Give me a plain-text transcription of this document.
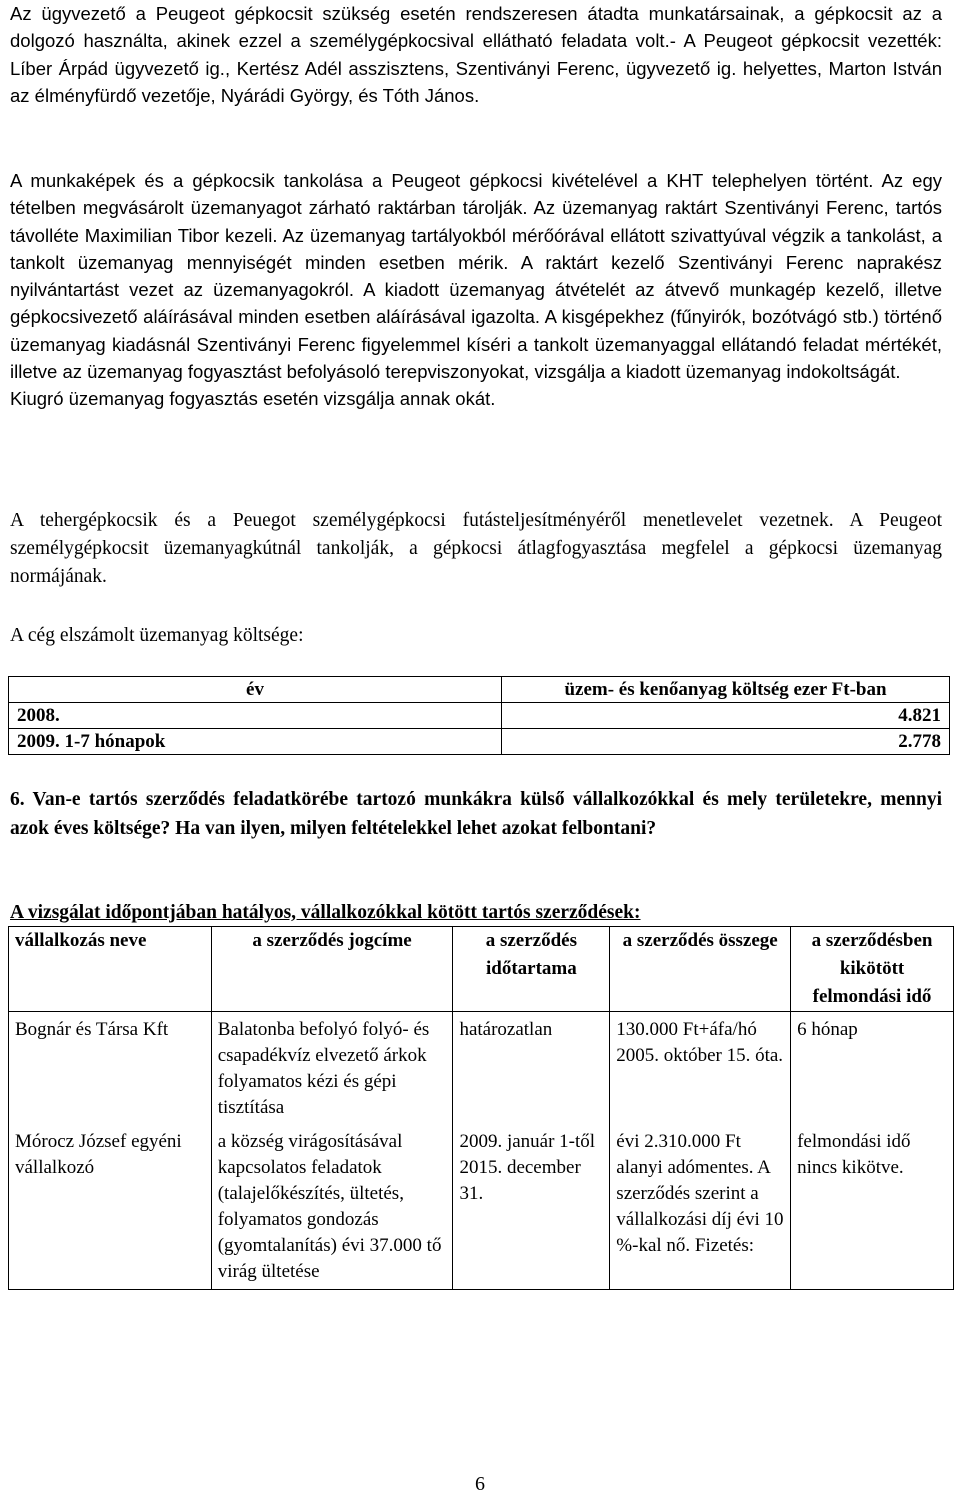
Az ügyvezető a Peugeot gépkocsit szükség esetén rendszeresen átadta munkatársainak, a gépkocsit az a dolgozó használta, akinek ezzel a személygépkocsival ellátható feladata volt.- A Peugeot gépkocsit vezették: Líber Árpád ügyvezető ig., Kertész Adél asszisztens, Szentiványi Ferenc, ügyvezető ig. helyettes, Marton István az élményfürdő vezetője, Nyárádi György, és Tóth János.
A munkaképek és a gépkocsik tankolása a Peugeot gépkocsi kivételével a KHT telephelyen történt. Az egy tételben megvásárolt üzemanyagot zárható raktárban tárolják. Az üzemanyag raktárt Szentiványi Ferenc, tartós távolléte Maximilian Tibor kezeli. Az üzemanyag tartályokból mérőórával ellátott szivattyúval végzik a tankolást, a tankolt üzemanyag mennyiségét minden esetben mérik. A raktárt kezelő Szentiványi Ferenc naprakész nyilvántartást vezet az üzemanyagokról. A kiadott üzemanyag átvételét az átvevő munkagép kezelő, illetve gépkocsivezető aláírásával minden esetben aláírásával igazolta. A kisgépekhez (fűnyirók, bozótvágó stb.) történő üzemanyag kiadásnál Szentiványi Ferenc figyelemmel kíséri a tankolt üzemanyaggal ellátandó feladat mértékét, illetve az üzemanyag fogyasztást befolyásoló terepviszonyokat, vizsgálja a kiadott üzemanyag indokoltságát.
Kiugró üzemanyag fogyasztás esetén vizsgálja annak okát.
A tehergépkocsik és a Peuegot személygépkocsi futásteljesítményéről menetlevelet vezetnek. A Peugeot személygépkocsit üzemanyagkútnál tankolják, a gépkocsi átlagfogyasztása megfelel a gépkocsi üzemanyag normájának.
A cég elszámolt üzemanyag költsége:
év	üzem- és kenőanyag költség ezer Ft-ban
2008.	4.821
2009. 1-7 hónapok	2.778
6. Van-e tartós szerződés feladatkörébe tartozó munkákra külső vállalkozókkal és mely területekre, mennyi azok éves költsége? Ha van ilyen, milyen feltételekkel lehet azokat felbontani?
A vizsgálat időpontjában hatályos, vállalkozókkal kötött tartós szerződések:
vállalkozás neve	a szerződés jogcíme	a szerződés időtartama	a szerződés összege	a szerződésben kikötött felmondási idő
Bognár és Társa Kft	Balatonba befolyó folyó- és csapadékvíz elvezető árkok folyamatos kézi és gépi tisztítása	határozatlan	130.000 Ft+áfa/hó 2005. október 15. óta.	6 hónap
Mórocz József egyéni vállalkozó	a község virágosításával kapcsolatos feladatok (talajelőkészítés, ültetés, folyamatos gondozás (gyomtalanítás) évi 37.000 tő virág ültetése	2009. január 1-től 2015. december 31.	évi 2.310.000 Ft alanyi adómentes. A szerződés szerint a vállalkozási díj évi 10 %-kal nő. Fizetés:	felmondási idő nincs kikötve.
6
